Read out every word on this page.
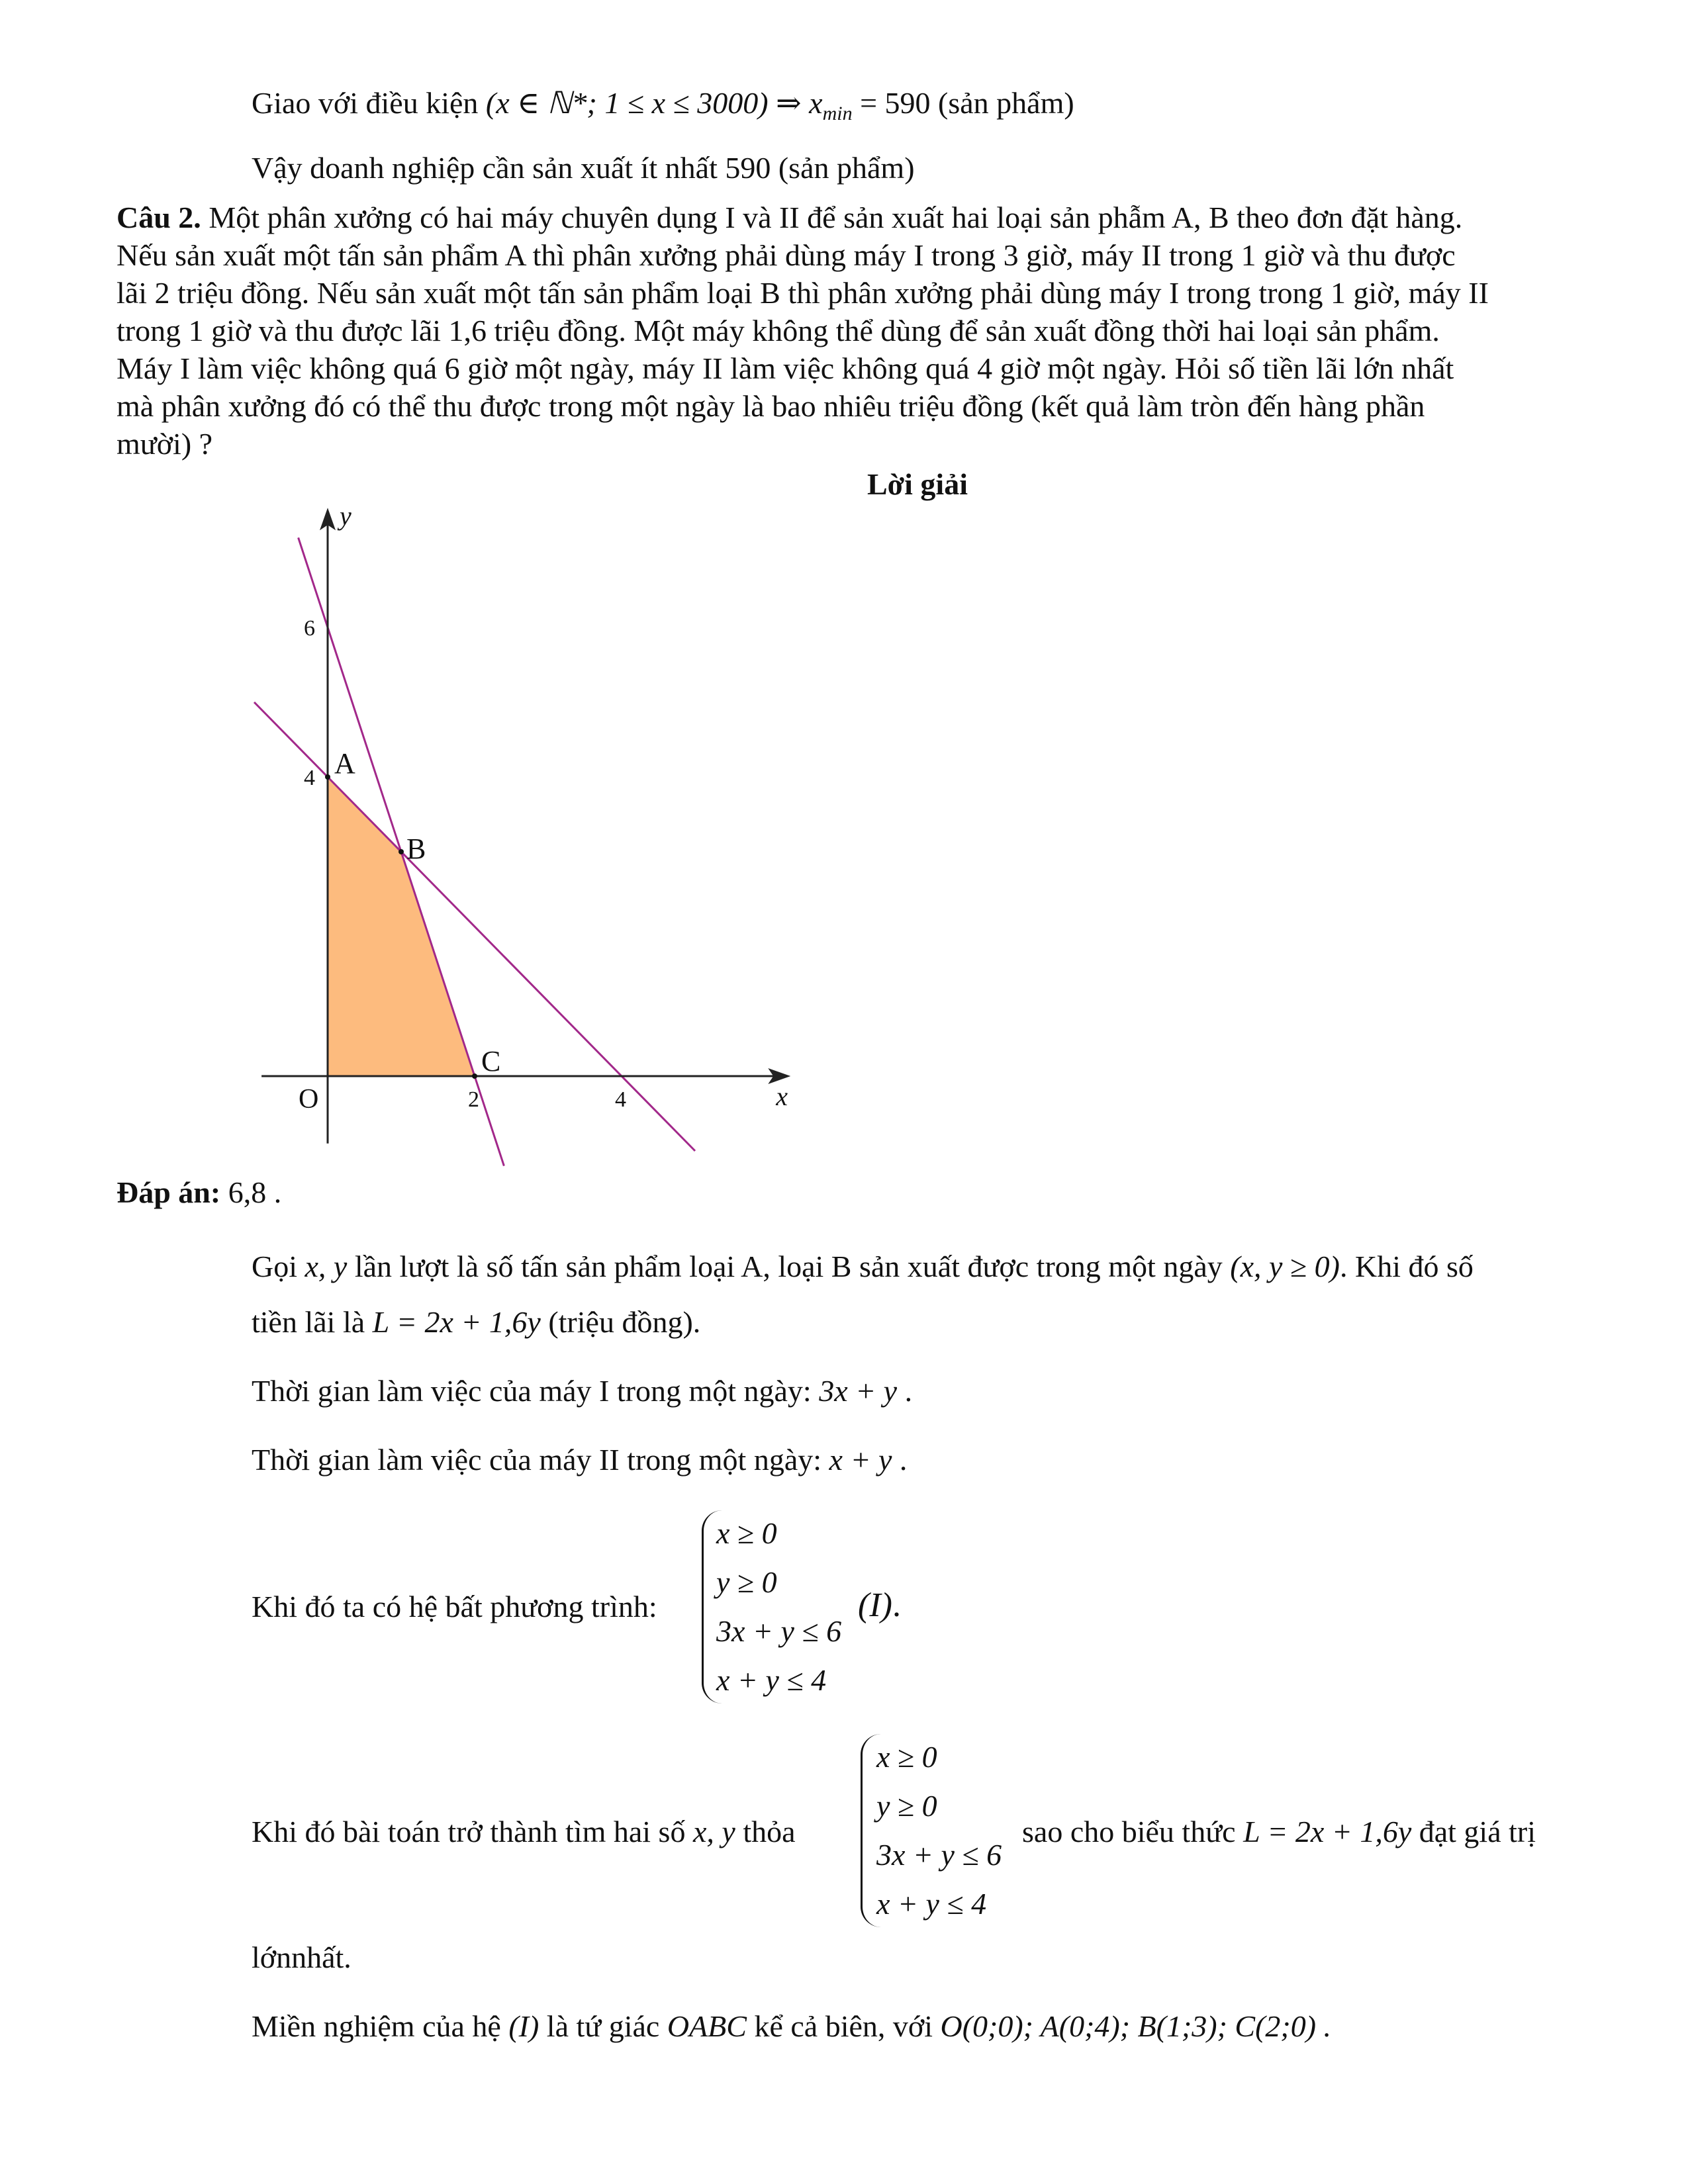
Giao với điều kiện (x ∈ ℕ*; 1 ≤ x ≤ 3000) ⇒ $x_{min} = 590$ (sản phẩm)
Vậy doanh nghiệp cần sản xuất ít nhất 590 (sản phẩm)
Câu 2. Một phân xưởng có hai máy chuyên dụng I và II để sản xuất hai loại sản phẫm A, B theo đơn đặt hàng.
Nếu sản xuất một tấn sản phẩm A thì phân xưởng phải dùng máy I trong 3 giờ, máy II trong 1 giờ và thu được
lãi 2 triệu đồng. Nếu sản xuất một tấn sản phẩm loại B thì phân xưởng phải dùng máy I trong trong 1 giờ, máy II
trong 1 giờ và thu được lãi 1,6 triệu đồng. Một máy không thể dùng để sản xuất đồng thời hai loại sản phẩm.
Máy I làm việc không quá 6 giờ một ngày, máy II làm việc không quá 4 giờ một ngày. Hỏi số tiền lãi lớn nhất
mà phân xưởng đó có thể thu được trong một ngày là bao nhiêu triệu đồng (kết quả làm tròn đến hàng phần
mười) ?
Lời giải
x
y
O	2	4
4
6
A
B
C
Đáp án: 6,8 .
Gọi x, y lần lượt là số tấn sản phẩm loại A, loại B sản xuất được trong một ngày (x, y ≥ 0). Khi đó số
tiền lãi là L = 2x + 1,6y (triệu đồng).
Thời gian làm việc của máy I trong một ngày: 3x + y .
Thời gian làm việc của máy II trong một ngày: x + y .
Khi đó ta có hệ bất phương trình:
x ≥ 0
y ≥ 0
3x + y ≤ 6
x + y ≤ 4
(I).
Khi đó bài toán trở thành tìm hai số x, y thỏa
x ≥ 0
y ≥ 0
3x + y ≤ 6
x + y ≤ 4
sao cho biểu thức L = 2x + 1,6y đạt giá trị
lớnnhất.
Miền nghiệm của hệ (I) là tứ giác OABC kể cả biên, với O(0;0); A(0;4); B(1;3); C(2;0) .
